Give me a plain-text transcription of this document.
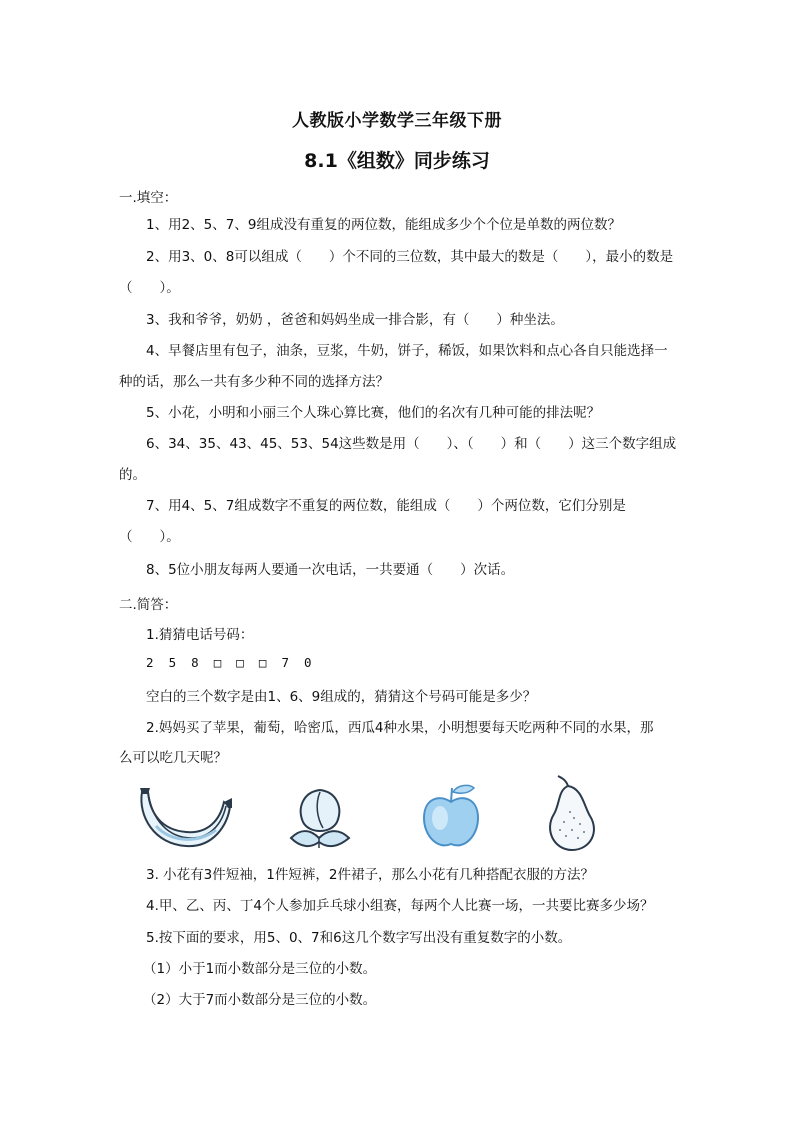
人教版小学数学三年级下册
8.1《组数》同步练习
一.填空：
1、用2、5、7、9组成没有重复的两位数，能组成多少个个位是单数的两位数？
2、用3、0、8可以组成（　　）个不同的三位数，其中最大的数是（　　），最小的数是（　　）。
3、我和爷爷，奶奶 ，爸爸和妈妈坐成一排合影，有（　　）种坐法。
4、早餐店里有包子，油条，豆浆，牛奶，饼子，稀饭，如果饮料和点心各自只能选择一种的话，那么一共有多少种不同的选择方法？
5、小花，小明和小丽三个人珠心算比赛，他们的名次有几种可能的排法呢？
6、34、35、43、45、53、54这些数是用（　　）、（　　）和（　　）这三个数字组成的。
7、用4、5、7组成数字不重复的两位数，能组成（　　）个两位数，它们分别是（　　）。
8、5位小朋友每两人要通一次电话，一共要通（　　）次话。
二.简答：
1.猜猜电话号码：
2  5  8  □  □  □  7  0
空白的三个数字是由1、6、9组成的，猜猜这个号码可能是多少？
2.妈妈买了苹果，葡萄，哈密瓜，西瓜4种水果，小明想要每天吃两种不同的水果，那
么可以吃几天呢？
3. 小花有3件短袖，1件短裤，2件裙子，那么小花有几种搭配衣服的方法？
4.甲、乙、丙、丁4个人参加乒乓球小组赛，每两个人比赛一场，一共要比赛多少场？
5.按下面的要求，用5、0、7和6这几个数字写出没有重复数字的小数。
（1）小于1而小数部分是三位的小数。
（2）大于7而小数部分是三位的小数。
